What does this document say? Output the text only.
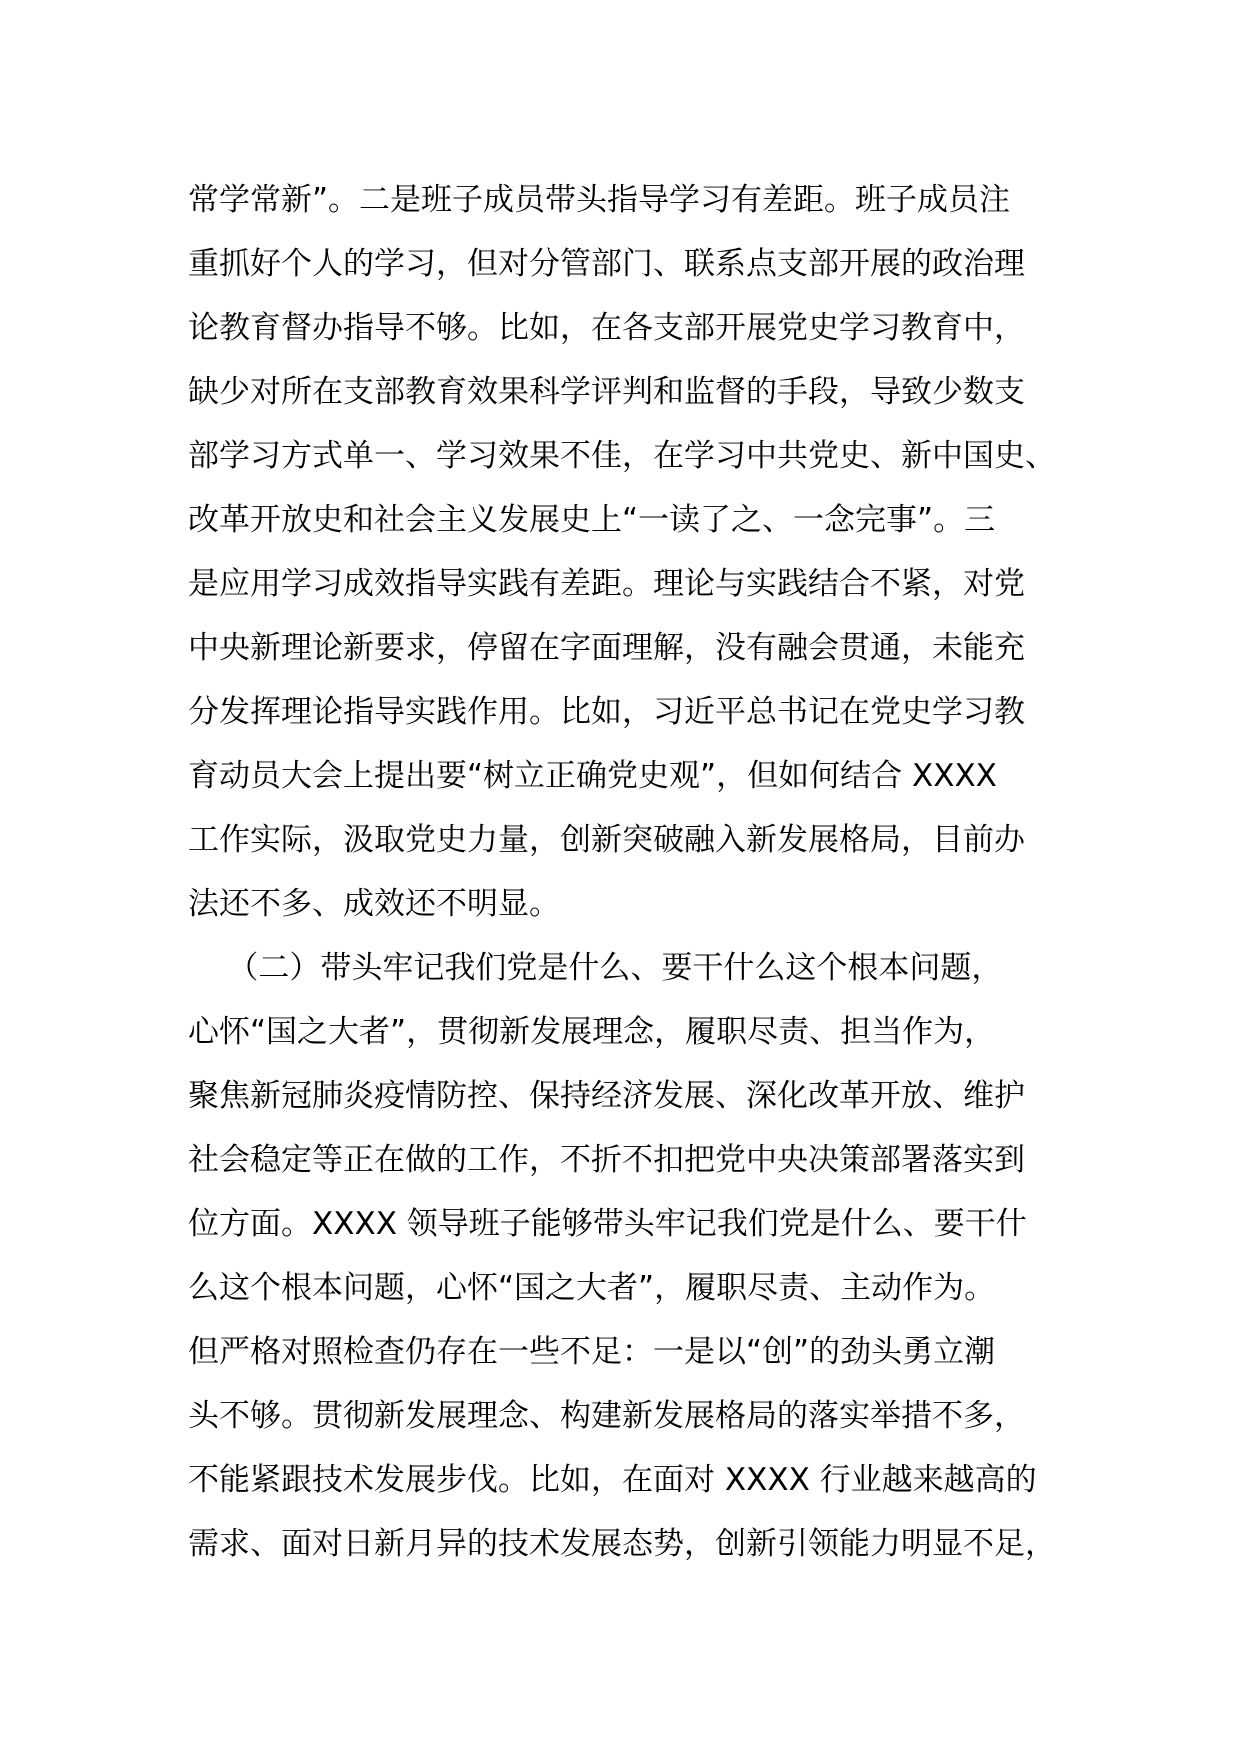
常学常新”。二是班子成员带头指导学习有差距。班子成员注
重抓好个人的学习，但对分管部门、联系点支部开展的政治理
论教育督办指导不够。比如，在各支部开展党史学习教育中，
缺少对所在支部教育效果科学评判和监督的手段，导致少数支
部学习方式单一、学习效果不佳，在学习中共党史、新中国史、
改革开放史和社会主义发展史上“一读了之、一念完事”。三
是应用学习成效指导实践有差距。理论与实践结合不紧，对党
中央新理论新要求，停留在字面理解，没有融会贯通，未能充
分发挥理论指导实践作用。比如，习近平总书记在党史学习教
育动员大会上提出要“树立正确党史观”，但如何结合 XXXX
工作实际，汲取党史力量，创新突破融入新发展格局，目前办
法还不多、成效还不明显。
（二）带头牢记我们党是什么、要干什么这个根本问题，
心怀“国之大者”，贯彻新发展理念，履职尽责、担当作为，
聚焦新冠肺炎疫情防控、保持经济发展、深化改革开放、维护
社会稳定等正在做的工作，不折不扣把党中央决策部署落实到
位方面。XXXX 领导班子能够带头牢记我们党是什么、要干什
么这个根本问题，心怀“国之大者”，履职尽责、主动作为。
但严格对照检查仍存在一些不足：一是以“创”的劲头勇立潮
头不够。贯彻新发展理念、构建新发展格局的落实举措不多，
不能紧跟技术发展步伐。比如，在面对 XXXX 行业越来越高的
需求、面对日新月异的技术发展态势，创新引领能力明显不足，
